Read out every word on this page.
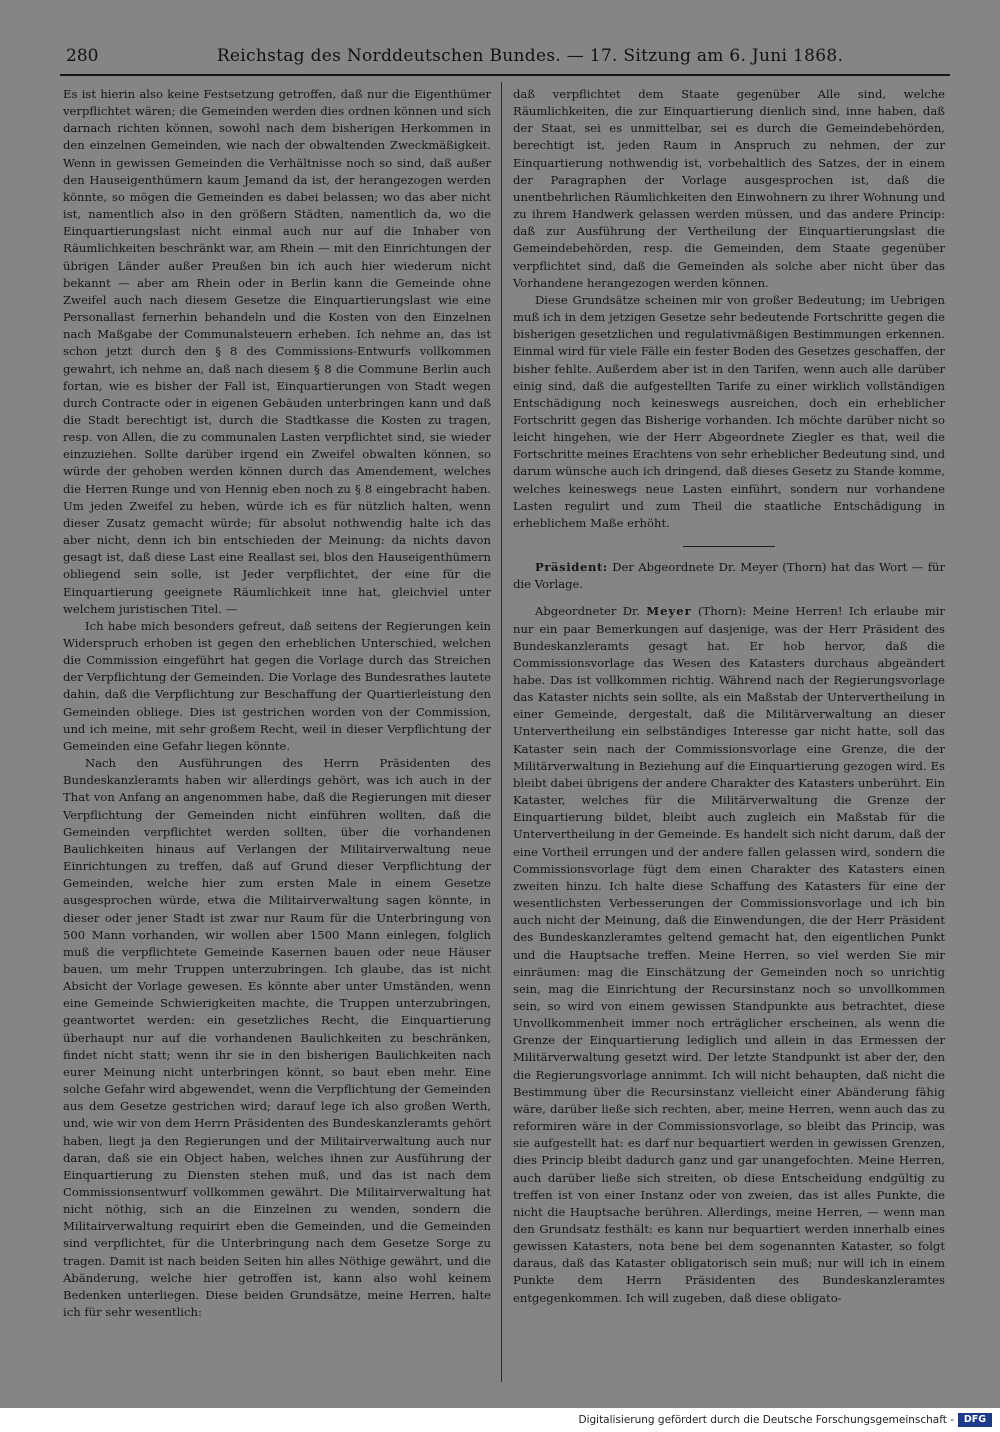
280	Reichstag des Norddeutschen Bundes. — 17. Sitzung am 6. Juni 1868.

Es ist hierin also keine Festsetzung getroffen, daß nur die Eigenthümer verpflichtet wären; die Gemeinden werden dies ordnen können und sich darnach richten können, sowohl nach dem bisherigen Herkommen in den einzelnen Gemeinden, wie nach der obwaltenden Zweckmäßigkeit. Wenn in gewissen Gemeinden die Verhältnisse noch so sind, daß außer den Hauseigenthümern kaum Jemand da ist, der herangezogen werden könnte, so mögen die Gemeinden es dabei belassen; wo das aber nicht ist, namentlich also in den größern Städten, namentlich da, wo die Einquartierungslast nicht einmal auch nur auf die Inhaber von Räumlichkeiten beschränkt war, am Rhein — mit den Einrichtungen der übrigen Länder außer Preußen bin ich auch hier wiederum nicht bekannt — aber am Rhein oder in Berlin kann die Gemeinde ohne Zweifel auch nach diesem Gesetze die Einquartierungslast wie eine Personallast fernerhin behandeln und die Kosten von den Einzelnen nach Maßgabe der Communalsteuern erheben. Ich nehme an, das ist schon jetzt durch den § 8 des Commissions-Entwurfs vollkommen gewahrt, ich nehme an, daß nach diesem § 8 die Commune Berlin auch fortan, wie es bisher der Fall ist, Einquartierungen von Stadt wegen durch Contracte oder in eigenen Gebäuden unterbringen kann und daß die Stadt berechtigt ist, durch die Stadtkasse die Kosten zu tragen, resp. von Allen, die zu communalen Lasten verpflichtet sind, sie wieder einzuziehen. Sollte darüber irgend ein Zweifel obwalten können, so würde der gehoben werden können durch das Amendement, welches die Herren Runge und von Hennig eben noch zu § 8 eingebracht haben. Um jeden Zweifel zu heben, würde ich es für nützlich halten, wenn dieser Zusatz gemacht würde; für absolut nothwendig halte ich das aber nicht, denn ich bin entschieden der Meinung: da nichts davon gesagt ist, daß diese Last eine Reallast sei, blos den Hauseigenthümern obliegend sein solle, ist Jeder verpflichtet, der eine für die Einquartierung geeignete Räumlichkeit inne hat, gleichviel unter welchem juristischen Titel. —

Ich habe mich besonders gefreut, daß seitens der Regierungen kein Widerspruch erhoben ist gegen den erheblichen Unterschied, welchen die Commission eingeführt hat gegen die Vorlage durch das Streichen der Verpflichtung der Gemeinden. Die Vorlage des Bundesrathes lautete dahin, daß die Verpflichtung zur Beschaffung der Quartierleistung den Gemeinden obliege. Dies ist gestrichen worden von der Commission, und ich meine, mit sehr großem Recht, weil in dieser Verpflichtung der Gemeinden eine Gefahr liegen könnte.

Nach den Ausführungen des Herrn Präsidenten des Bundeskanzleramts haben wir allerdings gehört, was ich auch in der That von Anfang an angenommen habe, daß die Regierungen mit dieser Verpflichtung der Gemeinden nicht einführen wollten, daß die Gemeinden verpflichtet werden sollten, über die vorhandenen Baulichkeiten hinaus auf Verlangen der Militairverwaltung neue Einrichtungen zu treffen, daß auf Grund dieser Verpflichtung der Gemeinden, welche hier zum ersten Male in einem Gesetze ausgesprochen würde, etwa die Militairverwaltung sagen könnte, in dieser oder jener Stadt ist zwar nur Raum für die Unterbringung von 500 Mann vorhanden, wir wollen aber 1500 Mann einlegen, folglich muß die verpflichtete Gemeinde Kasernen bauen oder neue Häuser bauen, um mehr Truppen unterzubringen. Ich glaube, das ist nicht Absicht der Vorlage gewesen. Es könnte aber unter Umständen, wenn eine Gemeinde Schwierigkeiten machte, die Truppen unterzubringen, geantwortet werden: ein gesetzliches Recht, die Einquartierung überhaupt nur auf die vorhandenen Baulichkeiten zu beschränken, findet nicht statt; wenn ihr sie in den bisherigen Baulichkeiten nach eurer Meinung nicht unterbringen könnt, so baut eben mehr. Eine solche Gefahr wird abgewendet, wenn die Verpflichtung der Gemeinden aus dem Gesetze gestrichen wird; darauf lege ich also großen Werth, und, wie wir von dem Herrn Präsidenten des Bundeskanzleramts gehört haben, liegt ja den Regierungen und der Militairverwaltung auch nur daran, daß sie ein Object haben, welches ihnen zur Ausführung der Einquartierung zu Diensten stehen muß, und das ist nach dem Commissionsentwurf vollkommen gewährt. Die Militairverwaltung hat nicht nöthig, sich an die Einzelnen zu wenden, sondern die Militairverwaltung requirirt eben die Gemeinden, und die Gemeinden sind verpflichtet, für die Unterbringung nach dem Gesetze Sorge zu tragen. Damit ist nach beiden Seiten hin alles Nöthige gewährt, und die Abänderung, welche hier getroffen ist, kann also wohl keinem Bedenken unterliegen. Diese beiden Grundsätze, meine Herren, halte ich für sehr wesentlich:

daß verpflichtet dem Staate gegenüber Alle sind, welche Räumlichkeiten, die zur Einquartierung dienlich sind, inne haben, daß der Staat, sei es unmittelbar, sei es durch die Gemeindebehörden, berechtigt ist, jeden Raum in Anspruch zu nehmen, der zur Einquartierung nothwendig ist, vorbehaltlich des Satzes, der in einem der Paragraphen der Vorlage ausgesprochen ist, daß die unentbehrlichen Räumlichkeiten den Einwohnern zu ihrer Wohnung und zu ihrem Handwerk gelassen werden müssen, und das andere Princip: daß zur Ausführung der Vertheilung der Einquartierungslast die Gemeindebehörden, resp. die Gemeinden, dem Staate gegenüber verpflichtet sind, daß die Gemeinden als solche aber nicht über das Vorhandene herangezogen werden können.

Diese Grundsätze scheinen mir von großer Bedeutung; im Uebrigen muß ich in dem jetzigen Gesetze sehr bedeutende Fortschritte gegen die bisherigen gesetzlichen und regulativmäßigen Bestimmungen erkennen. Einmal wird für viele Fälle ein fester Boden des Gesetzes geschaffen, der bisher fehlte. Außerdem aber ist in den Tarifen, wenn auch alle darüber einig sind, daß die aufgestellten Tarife zu einer wirklich vollständigen Entschädigung noch keineswegs ausreichen, doch ein erheblicher Fortschritt gegen das Bisherige vorhanden. Ich möchte darüber nicht so leicht hingehen, wie der Herr Abgeordnete Ziegler es that, weil die Fortschritte meines Erachtens von sehr erheblicher Bedeutung sind, und darum wünsche auch ich dringend, daß dieses Gesetz zu Stande komme, welches keineswegs neue Lasten einführt, sondern nur vorhandene Lasten regulirt und zum Theil die staatliche Entschädigung in erheblichem Maße erhöht.

Präsident: Der Abgeordnete Dr. Meyer (Thorn) hat das Wort — für die Vorlage.

Abgeordneter Dr. Meyer (Thorn): Meine Herren! Ich erlaube mir nur ein paar Bemerkungen auf dasjenige, was der Herr Präsident des Bundeskanzleramts gesagt hat. Er hob hervor, daß die Commissionsvorlage das Wesen des Katasters durchaus abgeändert habe. Das ist vollkommen richtig. Während nach der Regierungsvorlage das Kataster nichts sein sollte, als ein Maßstab der Untervertheilung in einer Gemeinde, dergestalt, daß die Militärverwaltung an dieser Untervertheilung ein selbständiges Interesse gar nicht hatte, soll das Kataster sein nach der Commissionsvorlage eine Grenze, die der Militärverwaltung in Beziehung auf die Einquartierung gezogen wird. Es bleibt dabei übrigens der andere Charakter des Katasters unberührt. Ein Kataster, welches für die Militärverwaltung die Grenze der Einquartierung bildet, bleibt auch zugleich ein Maßstab für die Untervertheilung in der Gemeinde. Es handelt sich nicht darum, daß der eine Vortheil errungen und der andere fallen gelassen wird, sondern die Commissionsvorlage fügt dem einen Charakter des Katasters einen zweiten hinzu. Ich halte diese Schaffung des Katasters für eine der wesentlichsten Verbesserungen der Commissionsvorlage und ich bin auch nicht der Meinung, daß die Einwendungen, die der Herr Präsident des Bundeskanzleramtes geltend gemacht hat, den eigentlichen Punkt und die Hauptsache treffen. Meine Herren, so viel werden Sie mir einräumen: mag die Einschätzung der Gemeinden noch so unrichtig sein, mag die Einrichtung der Recursinstanz noch so unvollkommen sein, so wird von einem gewissen Standpunkte aus betrachtet, diese Unvollkommenheit immer noch erträglicher erscheinen, als wenn die Grenze der Einquartierung lediglich und allein in das Ermessen der Militärverwaltung gesetzt wird. Der letzte Standpunkt ist aber der, den die Regierungsvorlage annimmt. Ich will nicht behaupten, daß nicht die Bestimmung über die Recursinstanz vielleicht einer Abänderung fähig wäre, darüber ließe sich rechten, aber, meine Herren, wenn auch das zu reformiren wäre in der Commissionsvorlage, so bleibt das Princip, was sie aufgestellt hat: es darf nur bequartiert werden in gewissen Grenzen, dies Princip bleibt dadurch ganz und gar unangefochten. Meine Herren, auch darüber ließe sich streiten, ob diese Entscheidung endgültig zu treffen ist von einer Instanz oder von zweien, das ist alles Punkte, die nicht die Hauptsache berühren. Allerdings, meine Herren, — wenn man den Grundsatz festhält: es kann nur bequartiert werden innerhalb eines gewissen Katasters, nota bene bei dem sogenannten Kataster, so folgt daraus, daß das Kataster obligatorisch sein muß; nur will ich in einem Punkte dem Herrn Präsidenten des Bundeskanzleramtes entgegenkommen. Ich will zugeben, daß diese obligato-

Digitalisierung gefördert durch die Deutsche Forschungsgemeinschaft -	DFG
